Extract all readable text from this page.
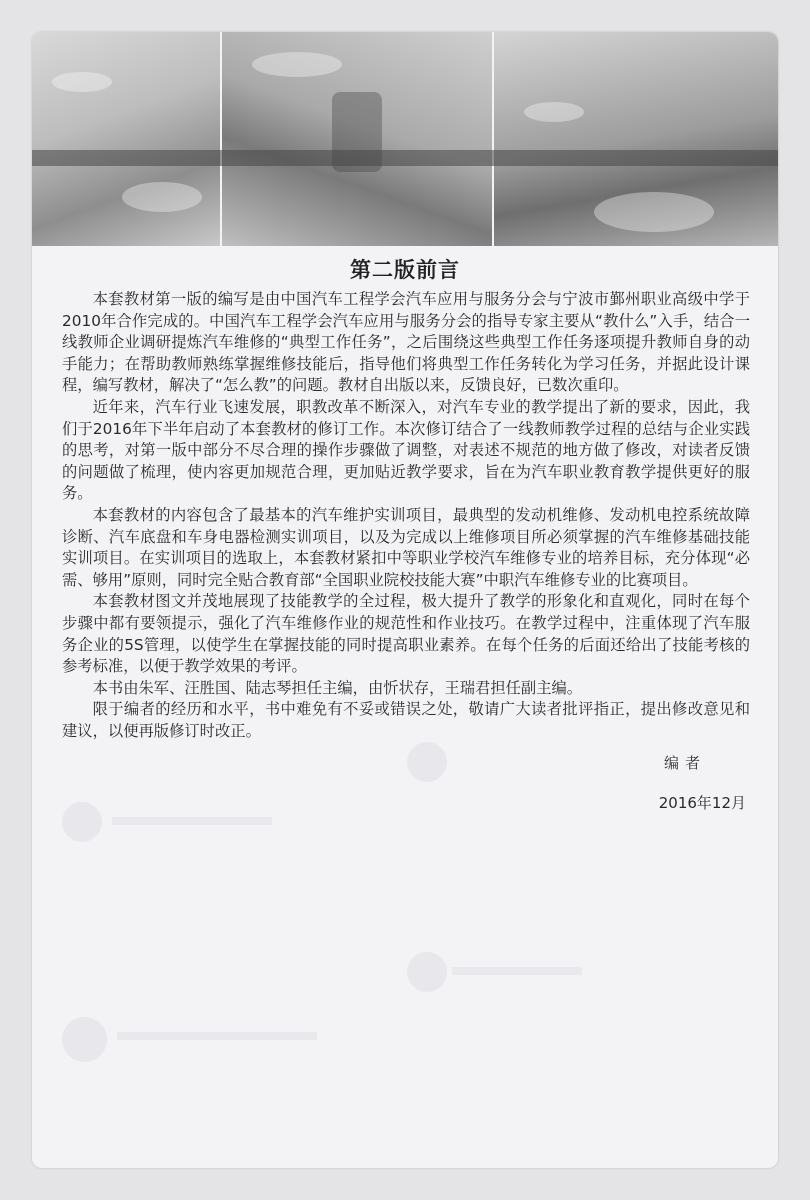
第二版前言

本套教材第一版的编写是由中国汽车工程学会汽车应用与服务分会与宁波市鄞州职业高级中学于2010年合作完成的。中国汽车工程学会汽车应用与服务分会的指导专家主要从“教什么”入手，结合一线教师企业调研提炼汽车维修的“典型工作任务”，之后围绕这些典型工作任务逐项提升教师自身的动手能力；在帮助教师熟练掌握维修技能后，指导他们将典型工作任务转化为学习任务，并据此设计课程，编写教材，解决了“怎么教”的问题。教材自出版以来，反馈良好，已数次重印。

近年来，汽车行业飞速发展，职教改革不断深入，对汽车专业的教学提出了新的要求，因此，我们于2016年下半年启动了本套教材的修订工作。本次修订结合了一线教师教学过程的总结与企业实践的思考，对第一版中部分不尽合理的操作步骤做了调整，对表述不规范的地方做了修改，对读者反馈的问题做了梳理，使内容更加规范合理，更加贴近教学要求，旨在为汽车职业教育教学提供更好的服务。

本套教材的内容包含了最基本的汽车维护实训项目，最典型的发动机维修、发动机电控系统故障诊断、汽车底盘和车身电器检测实训项目，以及为完成以上维修项目所必须掌握的汽车维修基础技能实训项目。在实训项目的选取上，本套教材紧扣中等职业学校汽车维修专业的培养目标，充分体现“必需、够用”原则，同时完全贴合教育部“全国职业院校技能大赛”中职汽车维修专业的比赛项目。

本套教材图文并茂地展现了技能教学的全过程，极大提升了教学的形象化和直观化，同时在每个步骤中都有要领提示，强化了汽车维修作业的规范性和作业技巧。在教学过程中，注重体现了汽车服务企业的5S管理，以使学生在掌握技能的同时提高职业素养。在每个任务的后面还给出了技能考核的参考标准，以便于教学效果的考评。

本书由朱军、汪胜国、陆志琴担任主编，由忻状存，王瑞君担任副主编。

限于编者的经历和水平，书中难免有不妥或错误之处，敬请广大读者批评指正，提出修改意见和建议，以便再版修订时改正。

编者
2016年12月
